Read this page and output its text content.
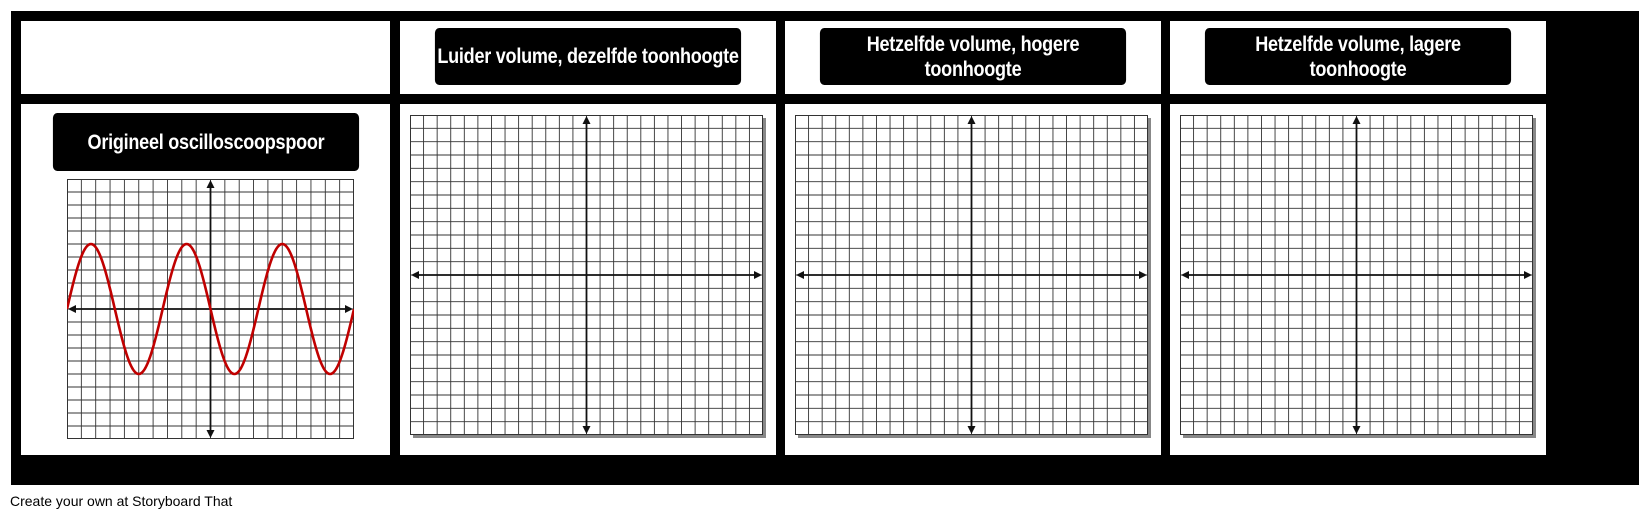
Luider volume, dezelfde toonhoogte
Hetzelfde volume, hogere toonhoogte
Hetzelfde volume, lagere toonhoogte
Origineel oscilloscoopspoor
Create your own at Storyboard That
